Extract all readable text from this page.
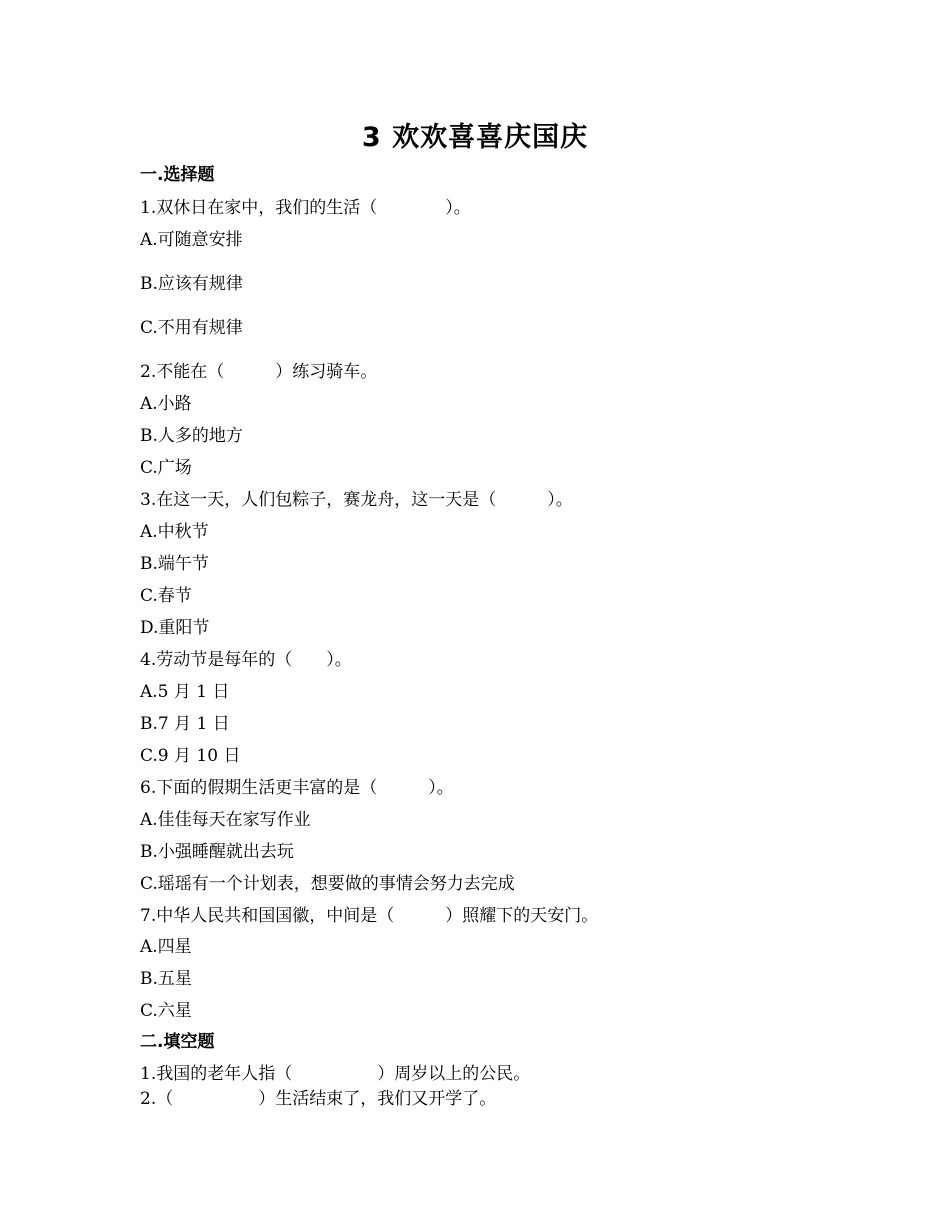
3 欢欢喜喜庆国庆
一.选择题
1.双休日在家中，我们的生活（　　　　）。
A.可随意安排
B.应该有规律
C.不用有规律
2.不能在（　　　）练习骑车。
A.小路
B.人多的地方
C.广场
3.在这一天，人们包粽子，赛龙舟，这一天是（　　　）。
A.中秋节
B.端午节
C.春节
D.重阳节
4.劳动节是每年的（　　）。
A.5 月 1 日
B.7 月 1 日
C.9 月 10 日
6.下面的假期生活更丰富的是（　　　）。
A.佳佳每天在家写作业
B.小强睡醒就出去玩
C.瑶瑶有一个计划表，想要做的事情会努力去完成
7.中华人民共和国国徽，中间是（　　　）照耀下的天安门。
A.四星
B.五星
C.六星
二.填空题
1.我国的老年人指（　　　　　）周岁以上的公民。
2.（　　　　　）生活结束了，我们又开学了。
